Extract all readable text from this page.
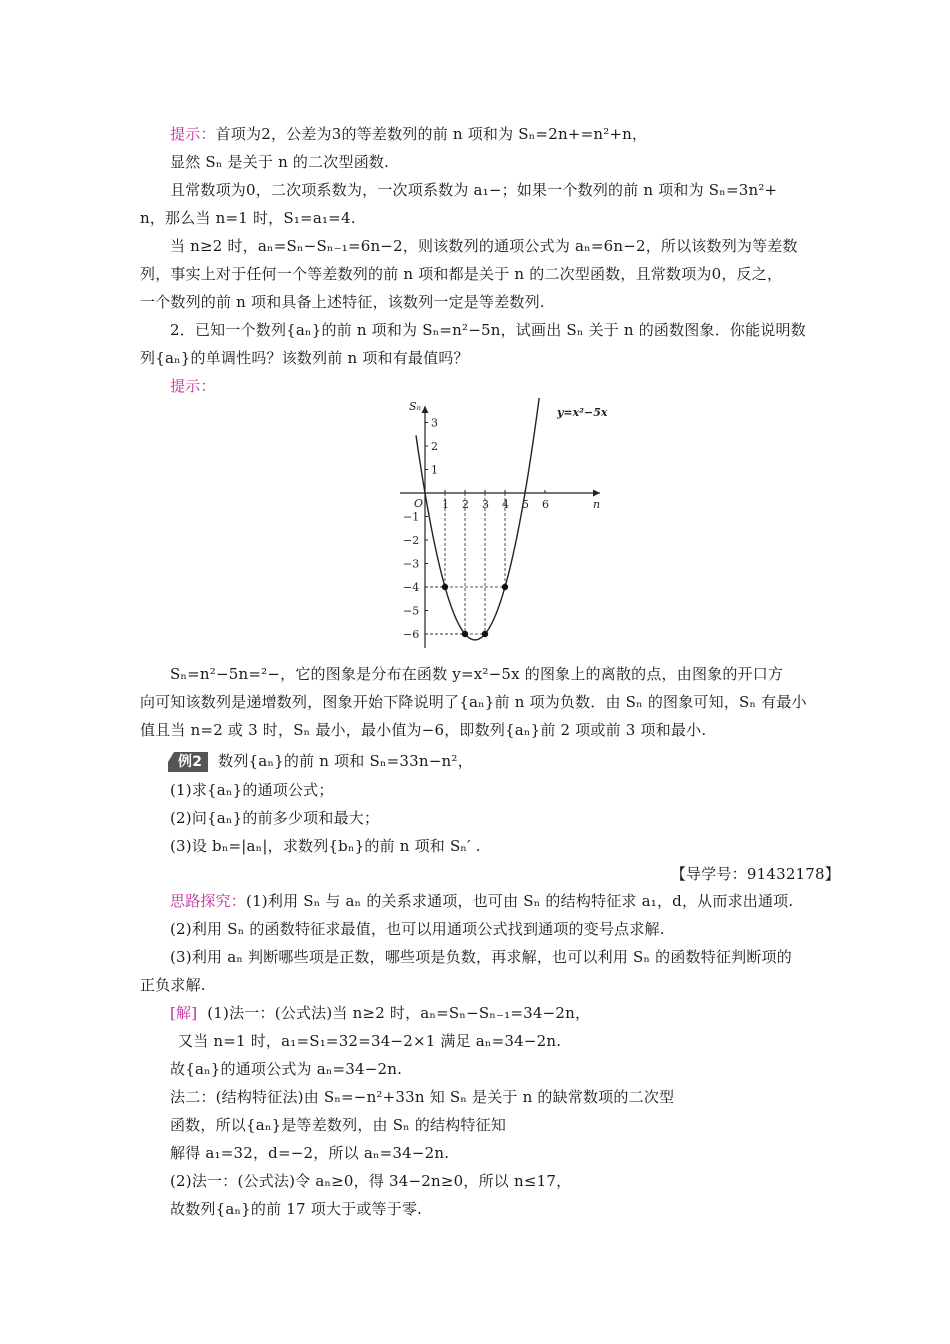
提示：首项为2，公差为3的等差数列的前 n 项和为 Sₙ=2n+=n²+n，
显然 Sₙ 是关于 n 的二次型函数.
且常数项为0，二次项系数为，一次项系数为 a₁−；如果一个数列的前 n 项和为 Sₙ=3n²+
n，那么当 n=1 时，S₁=a₁=4.
当 n≥2 时，aₙ=Sₙ−Sₙ₋₁=6n−2，则该数列的通项公式为 aₙ=6n−2，所以该数列为等差数
列，事实上对于任何一个等差数列的前 n 项和都是关于 n 的二次型函数，且常数项为0，反之，
一个数列的前 n 项和具备上述特征，该数列一定是等差数列.
2．已知一个数列{aₙ}的前 n 项和为 Sₙ=n²−5n，试画出 Sₙ 关于 n 的函数图象．你能说明数
列{aₙ}的单调性吗？该数列前 n 项和有最值吗？
提示：
1 2 3 4 5 6
3
2
1
−1
−2
−3
−4
−5
−6
Sₙ
n
O
y=x²−5x
Sₙ=n²−5n=²−，它的图象是分布在函数 y=x²−5x 的图象上的离散的点，由图象的开口方
向可知该数列是递增数列，图象开始下降说明了{aₙ}前 n 项为负数．由 Sₙ 的图象可知，Sₙ 有最小
值且当 n=2 或 3 时，Sₙ 最小，最小值为−6，即数列{aₙ}前 2 项或前 3 项和最小.
例2 数列{aₙ}的前 n 项和 Sₙ=33n−n²，
(1)求{aₙ}的通项公式；
(2)问{aₙ}的前多少项和最大；
(3)设 bₙ=|aₙ|，求数列{bₙ}的前 n 项和 Sₙ′ .
【导学号：91432178】
思路探究：(1)利用 Sₙ 与 aₙ 的关系求通项，也可由 Sₙ 的结构特征求 a₁，d，从而求出通项.
(2)利用 Sₙ 的函数特征求最值，也可以用通项公式找到通项的变号点求解.
(3)利用 aₙ 判断哪些项是正数，哪些项是负数，再求解，也可以利用 Sₙ 的函数特征判断项的
正负求解.
[解] (1)法一：(公式法)当 n≥2 时，aₙ=Sₙ−Sₙ₋₁=34−2n，
又当 n=1 时，a₁=S₁=32=34−2×1 满足 aₙ=34−2n.
故{aₙ}的通项公式为 aₙ=34−2n.
法二：(结构特征法)由 Sₙ=−n²+33n 知 Sₙ 是关于 n 的缺常数项的二次型
函数，所以{aₙ}是等差数列，由 Sₙ 的结构特征知
解得 a₁=32，d=−2，所以 aₙ=34−2n.
(2)法一：(公式法)令 aₙ≥0，得 34−2n≥0，所以 n≤17，
故数列{aₙ}的前 17 项大于或等于零.
